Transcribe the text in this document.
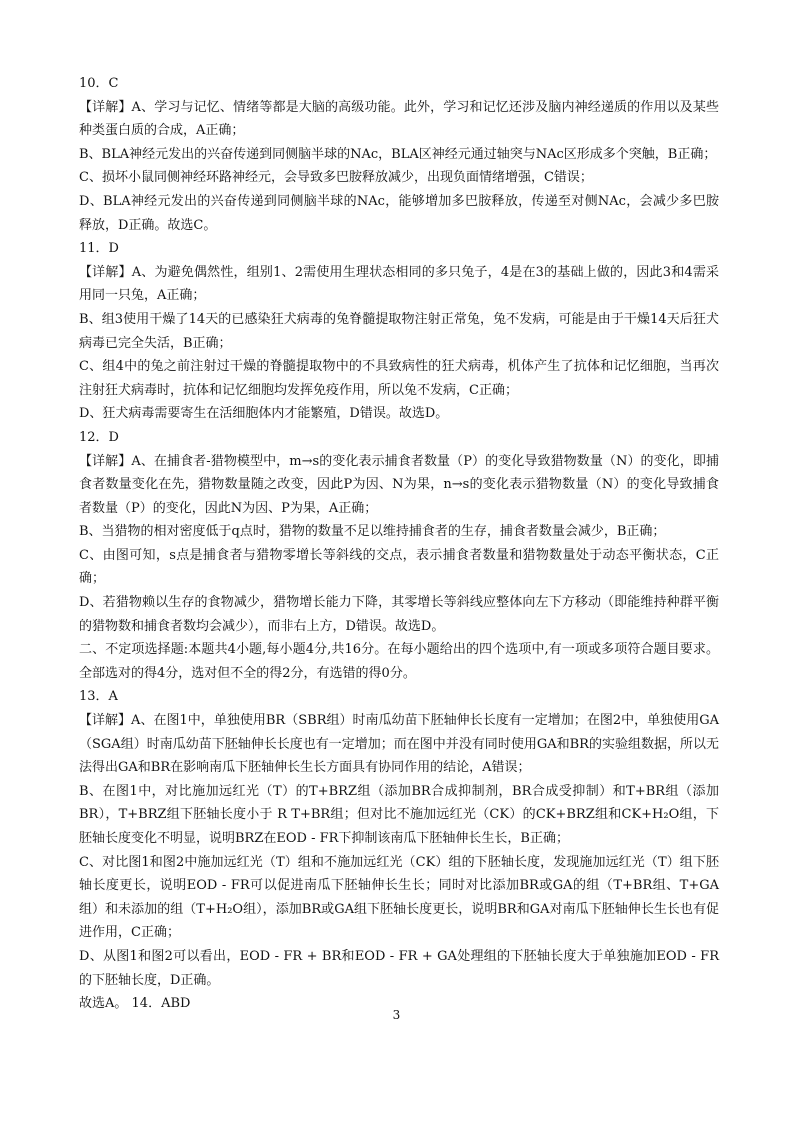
10．C

【详解】A、学习与记忆、情绪等都是大脑的高级功能。此外，学习和记忆还涉及脑内神经递质的作用以及某些种类蛋白质的合成，A正确；

B、BLA神经元发出的兴奋传递到同侧脑半球的NAc，BLA区神经元通过轴突与NAc区形成多个突触，B正确；

C、损坏小鼠同侧神经环路神经元，会导致多巴胺释放减少，出现负面情绪增强，C错误；

D、BLA神经元发出的兴奋传递到同侧脑半球的NAc，能够增加多巴胺释放，传递至对侧NAc，会减少多巴胺释放，D正确。故选C。

11．D

【详解】A、为避免偶然性，组别1、2需使用生理状态相同的多只兔子，4是在3的基础上做的，因此3和4需采用同一只兔，A正确；

B、组3使用干燥了14天的已感染狂犬病毒的兔脊髓提取物注射正常兔，兔不发病，可能是由于干燥14天后狂犬病毒已完全失活，B正确；

C、组4中的兔之前注射过干燥的脊髓提取物中的不具致病性的狂犬病毒，机体产生了抗体和记忆细胞，当再次注射狂犬病毒时，抗体和记忆细胞均发挥免疫作用，所以兔不发病，C正确；

D、狂犬病毒需要寄生在活细胞体内才能繁殖，D错误。故选D。

12．D

【详解】A、在捕食者-猎物模型中，m→s的变化表示捕食者数量（P）的变化导致猎物数量（N）的变化，即捕食者数量变化在先，猎物数量随之改变，因此P为因、N为果，n→s的变化表示猎物数量（N）的变化导致捕食者数量（P）的变化，因此N为因、P为果，A正确；

B、当猎物的相对密度低于q点时，猎物的数量不足以维持捕食者的生存，捕食者数量会减少，B正确；

C、由图可知，s点是捕食者与猎物零增长等斜线的交点，表示捕食者数量和猎物数量处于动态平衡状态，C正确；

D、若猎物赖以生存的食物减少，猎物增长能力下降，其零增长等斜线应整体向左下方移动（即能维持种群平衡的猎物数和捕食者数均会减少），而非右上方，D错误。故选D。

二、不定项选择题:本题共4小题,每小题4分,共16分。在每小题给出的四个选项中,有一项或多项符合题目要求。全部选对的得4分，选对但不全的得2分，有选错的得0分。

13．A

【详解】A、在图1中，单独使用BR（SBR组）时南瓜幼苗下胚轴伸长长度有一定增加；在图2中，单独使用GA（SGA组）时南瓜幼苗下胚轴伸长长度也有一定增加；而在图中并没有同时使用GA和BR的实验组数据，所以无法得出GA和BR在影响南瓜下胚轴伸长生长方面具有协同作用的结论，A错误；

B、在图1中，对比施加远红光（T）的T+BRZ组（添加BR合成抑制剂，BR合成受抑制）和T+BR组（添加BR），T+BRZ组下胚轴长度小于 R T+BR组；但对比不施加远红光（CK）的CK+BRZ组和CK+H₂O组，下胚轴长度变化不明显，说明BRZ在EOD - FR下抑制该南瓜下胚轴伸长生长，B正确；

C、对比图1和图2中施加远红光（T）组和不施加远红光（CK）组的下胚轴长度，发现施加远红光（T）组下胚轴长度更长，说明EOD - FR可以促进南瓜下胚轴伸长生长；同时对比添加BR或GA的组（T+BR组、T+GA组）和未添加的组（T+H₂O组），添加BR或GA组下胚轴长度更长，说明BR和GA对南瓜下胚轴伸长生长也有促进作用，C正确；

D、从图1和图2可以看出，EOD - FR + BR和EOD - FR + GA处理组的下胚轴长度大于单独施加EOD - FR的下胚轴长度，D正确。

故选A。 14．ABD

3
